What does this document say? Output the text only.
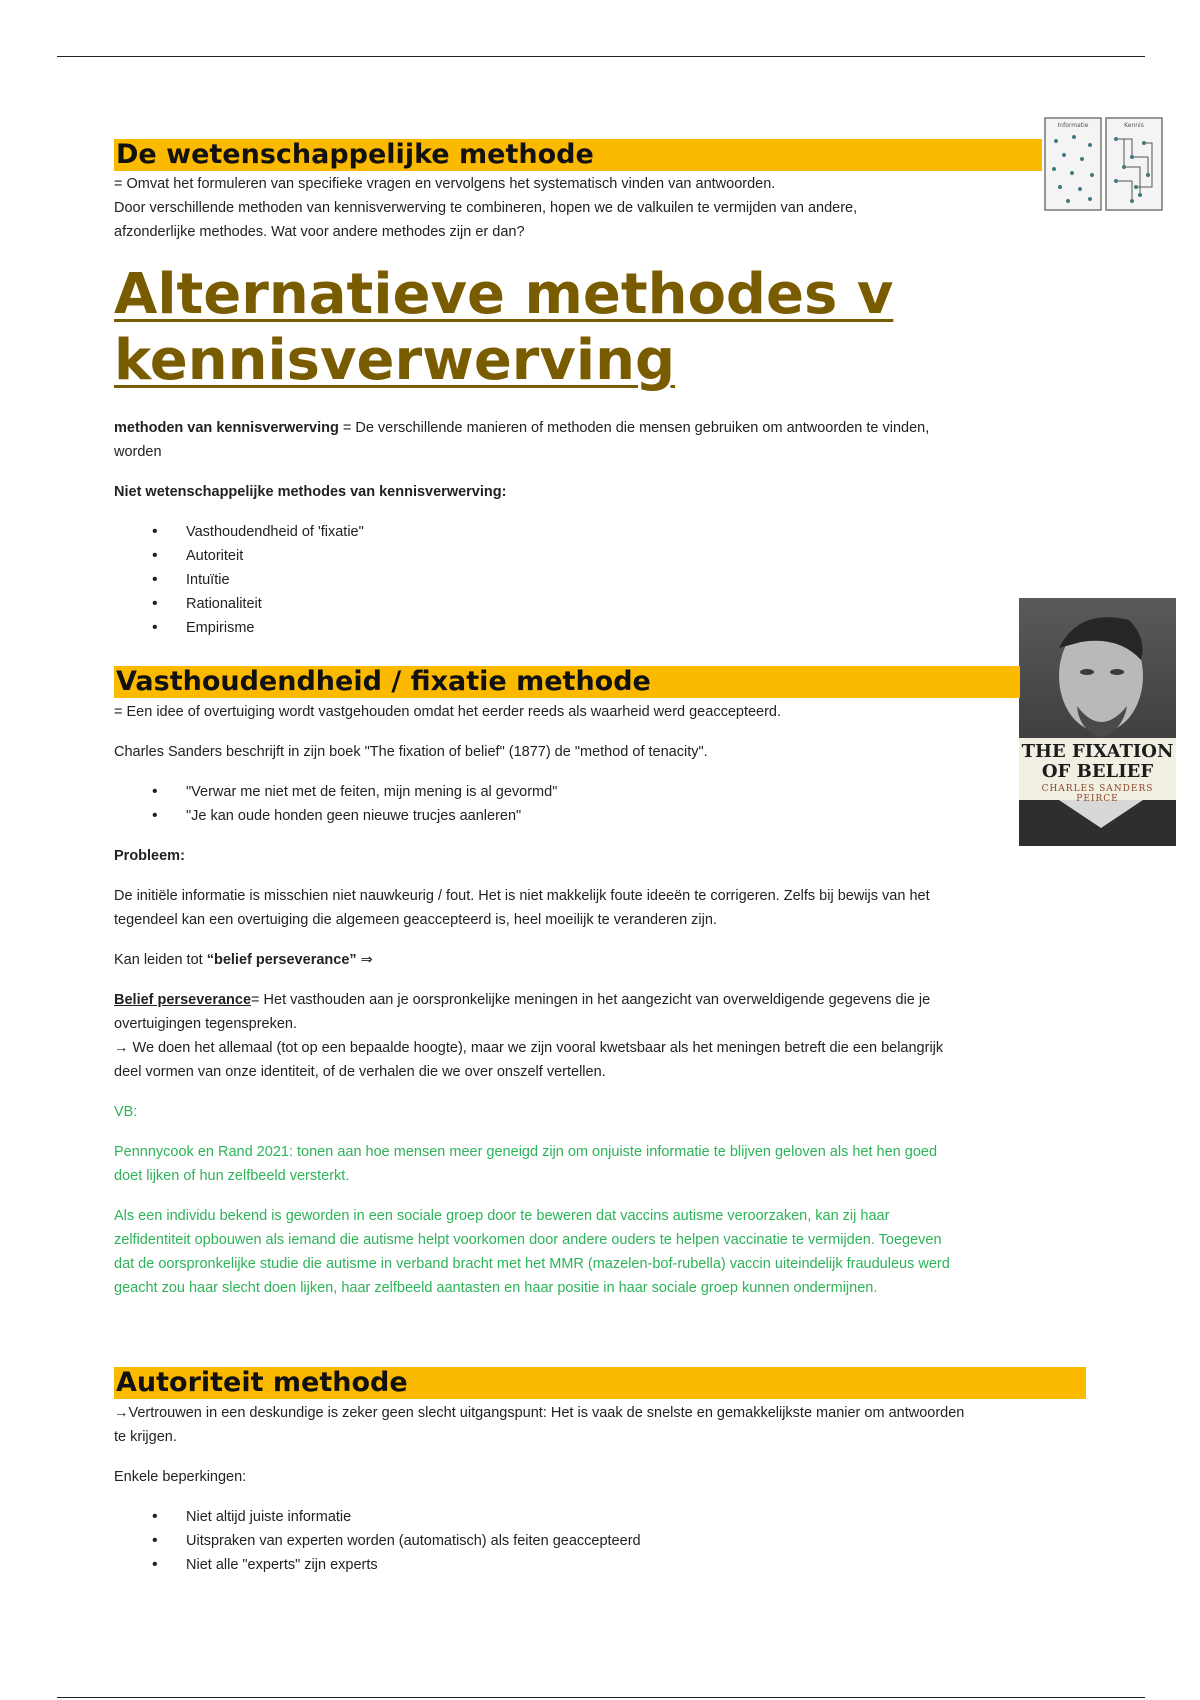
De wetenschappelijke methode
= Omvat het formuleren van specifieke vragen en vervolgens het systematisch vinden van antwoorden.
Door verschillende methoden van kennisverwerving te combineren, hopen we de valkuilen te vermijden van andere,
afzonderlijke methodes. Wat voor andere methodes zijn er dan?
Informatie	Kennis
Alternatieve methodes v
kennisverwerving
methoden van kennisverwerving = De verschillende manieren of methoden die mensen gebruiken om antwoorden te vinden,
worden
Niet wetenschappelijke methodes van kennisverwerving:
• Vasthoudendheid of 'fixatie"
• Autoriteit
• Intuïtie
• Rationaliteit
• Empirisme
THE FIXATION OF BELIEF
CHARLES SANDERS PEIRCE
Vasthoudendheid / fixatie methode
= Een idee of overtuiging wordt vastgehouden omdat het eerder reeds als waarheid werd geaccepteerd.
Charles Sanders beschrijft in zijn boek "The fixation of belief" (1877) de "method of tenacity".
• "Verwar me niet met de feiten, mijn mening is al gevormd"
• "Je kan oude honden geen nieuwe trucjes aanleren"
Probleem:
De initiële informatie is misschien niet nauwkeurig / fout. Het is niet makkelijk foute ideeën te corrigeren. Zelfs bij bewijs van het
tegendeel kan een overtuiging die algemeen geaccepteerd is, heel moeilijk te veranderen zijn.
Kan leiden tot “belief perseverance” ⇒
Belief perseverance= Het vasthouden aan je oorspronkelijke meningen in het aangezicht van overweldigende gegevens die je
overtuigingen tegenspreken.
→ We doen het allemaal (tot op een bepaalde hoogte), maar we zijn vooral kwetsbaar als het meningen betreft die een belangrijk
deel vormen van onze identiteit, of de verhalen die we over onszelf vertellen.
VB:
Pennnycook en Rand 2021: tonen aan hoe mensen meer geneigd zijn om onjuiste informatie te blijven geloven als het hen goed
doet lijken of hun zelfbeeld versterkt.
Als een individu bekend is geworden in een sociale groep door te beweren dat vaccins autisme veroorzaken, kan zij haar
zelfidentiteit opbouwen als iemand die autisme helpt voorkomen door andere ouders te helpen vaccinatie te vermijden. Toegeven
dat de oorspronkelijke studie die autisme in verband bracht met het MMR (mazelen-bof-rubella) vaccin uiteindelijk frauduleus werd
geacht zou haar slecht doen lijken, haar zelfbeeld aantasten en haar positie in haar sociale groep kunnen ondermijnen.
Autoriteit methode
→Vertrouwen in een deskundige is zeker geen slecht uitgangspunt: Het is vaak de snelste en gemakkelijkste manier om antwoorden
te krijgen.
Enkele beperkingen:
• Niet altijd juiste informatie
• Uitspraken van experten worden (automatisch) als feiten geaccepteerd
• Niet alle "experts" zijn experts
